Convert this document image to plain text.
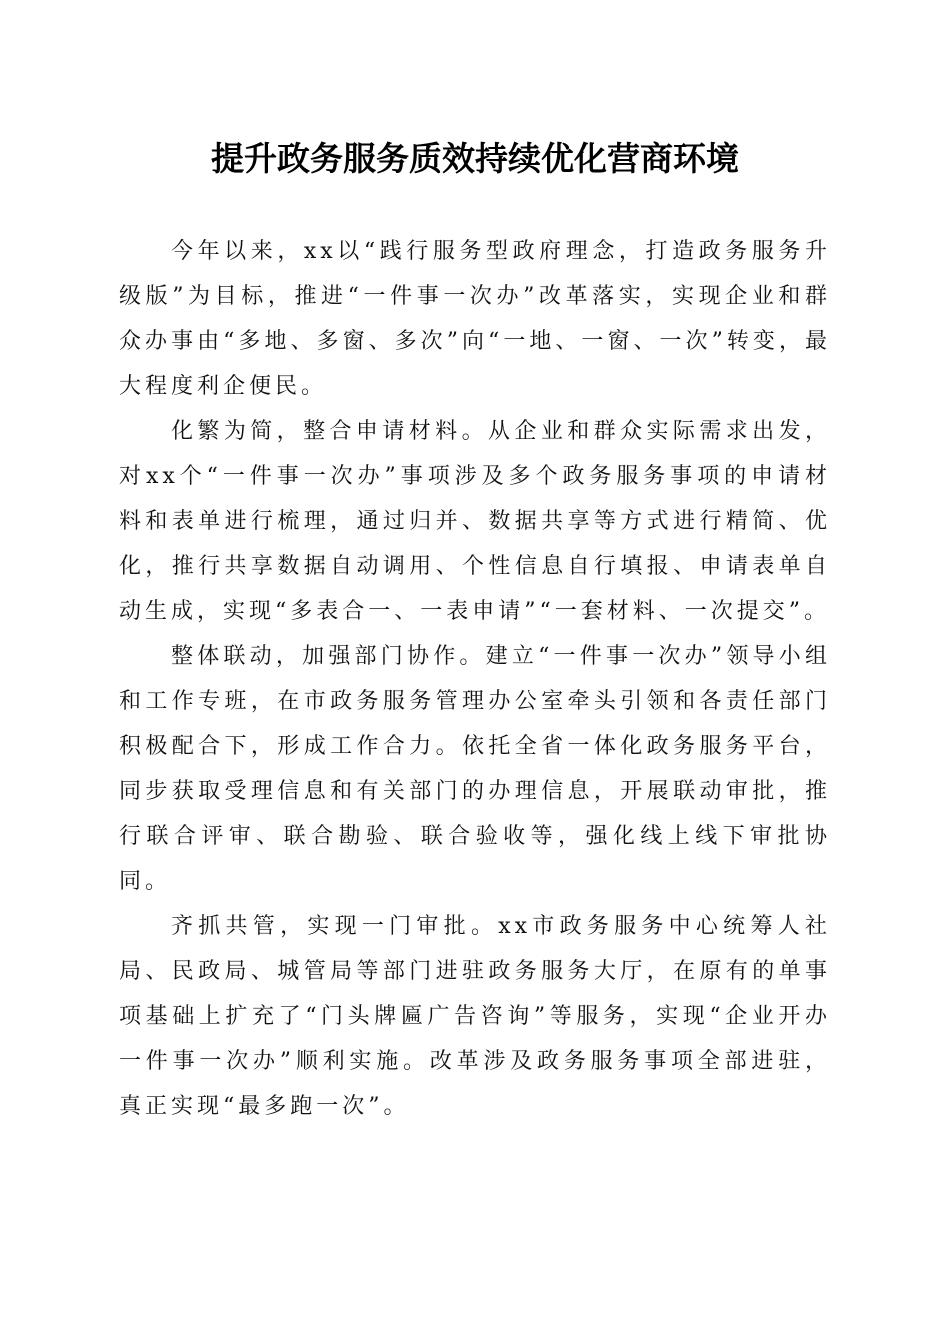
提升政务服务质效持续优化营商环境

今年以来，xx以“践行服务型政府理念，打造政务服务升级版”为目标，推进“一件事一次办”改革落实，实现企业和群众办事由“多地、多窗、多次”向“一地、一窗、一次”转变，最大程度利企便民。

化繁为简，整合申请材料。从企业和群众实际需求出发，对xx个“一件事一次办”事项涉及多个政务服务事项的申请材料和表单进行梳理，通过归并、数据共享等方式进行精简、优化，推行共享数据自动调用、个性信息自行填报、申请表单自动生成，实现“多表合一、一表申请”“一套材料、一次提交”。

整体联动，加强部门协作。建立“一件事一次办”领导小组和工作专班，在市政务服务管理办公室牵头引领和各责任部门积极配合下，形成工作合力。依托全省一体化政务服务平台，同步获取受理信息和有关部门的办理信息，开展联动审批，推行联合评审、联合勘验、联合验收等，强化线上线下审批协同。

齐抓共管，实现一门审批。xx市政务服务中心统筹人社局、民政局、城管局等部门进驻政务服务大厅，在原有的单事项基础上扩充了“门头牌匾广告咨询”等服务，实现“企业开办一件事一次办”顺利实施。改革涉及政务服务事项全部进驻，真正实现“最多跑一次”。
